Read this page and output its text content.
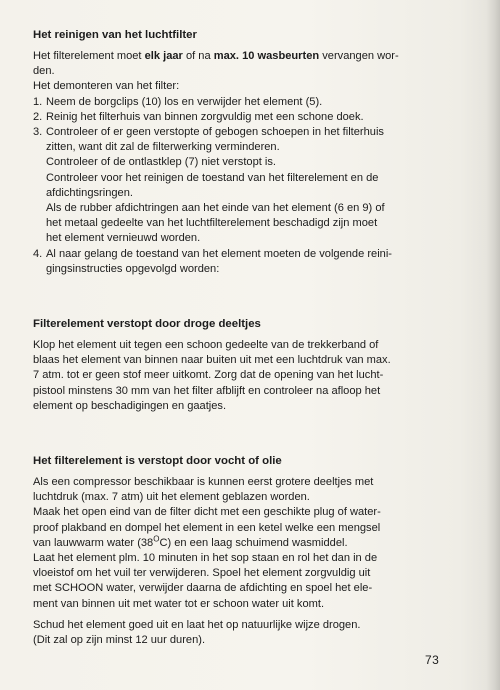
Het reinigen van het luchtfilter

Het filterelement moet elk jaar of na max. 10 wasbeurten vervangen wor-
den.

Het demonteren van het filter:

1. Neem de borgclips (10) los en verwijder het element (5).
2. Reinig het filterhuis van binnen zorgvuldig met een schone doek.
3. Controleer of er geen verstopte of gebogen schoepen in het filterhuis
zitten, want dit zal de filterwerking verminderen.
Controleer of de ontlastklep (7) niet verstopt is.
Controleer voor het reinigen de toestand van het filterelement en de
afdichtingsringen.
Als de rubber afdichtringen aan het einde van het element (6 en 9) of
het metaal gedeelte van het luchtfilterelement beschadigd zijn moet
het element vernieuwd worden.
4. Al naar gelang de toestand van het element moeten de volgende reini-
gingsinstructies opgevolgd worden:
Filterelement verstopt door droge deeltjes

Klop het element uit tegen een schoon gedeelte van de trekkerband of
blaas het element van binnen naar buiten uit met een luchtdruk van max.
7 atm. tot er geen stof meer uitkomt. Zorg dat de opening van het lucht-
pistool minstens 30 mm van het filter afblijft en controleer na afloop het
element op beschadigingen en gaatjes.

Het filterelement is verstopt door vocht of olie

Als een compressor beschikbaar is kunnen eerst grotere deeltjes met
luchtdruk (max. 7 atm) uit het element geblazen worden.
Maak het open eind van de filter dicht met een geschikte plug of water-
proof plakband en dompel het element in een ketel welke een mengsel
van lauwwarm water $(38^OC)$ en een laag schuimend wasmiddel.
Laat het element plm. 10 minuten in het sop staan en rol het dan in de
vloeistof om het vuil ter verwijderen. Spoel het element zorgvuldig uit
met SCHOON water, verwijder daarna de afdichting en spoel het ele-
ment van binnen uit met water tot er schoon water uit komt.

Schud het element goed uit en laat het op natuurlijke wijze drogen.
(Dit zal op zijn minst 12 uur duren).

73
